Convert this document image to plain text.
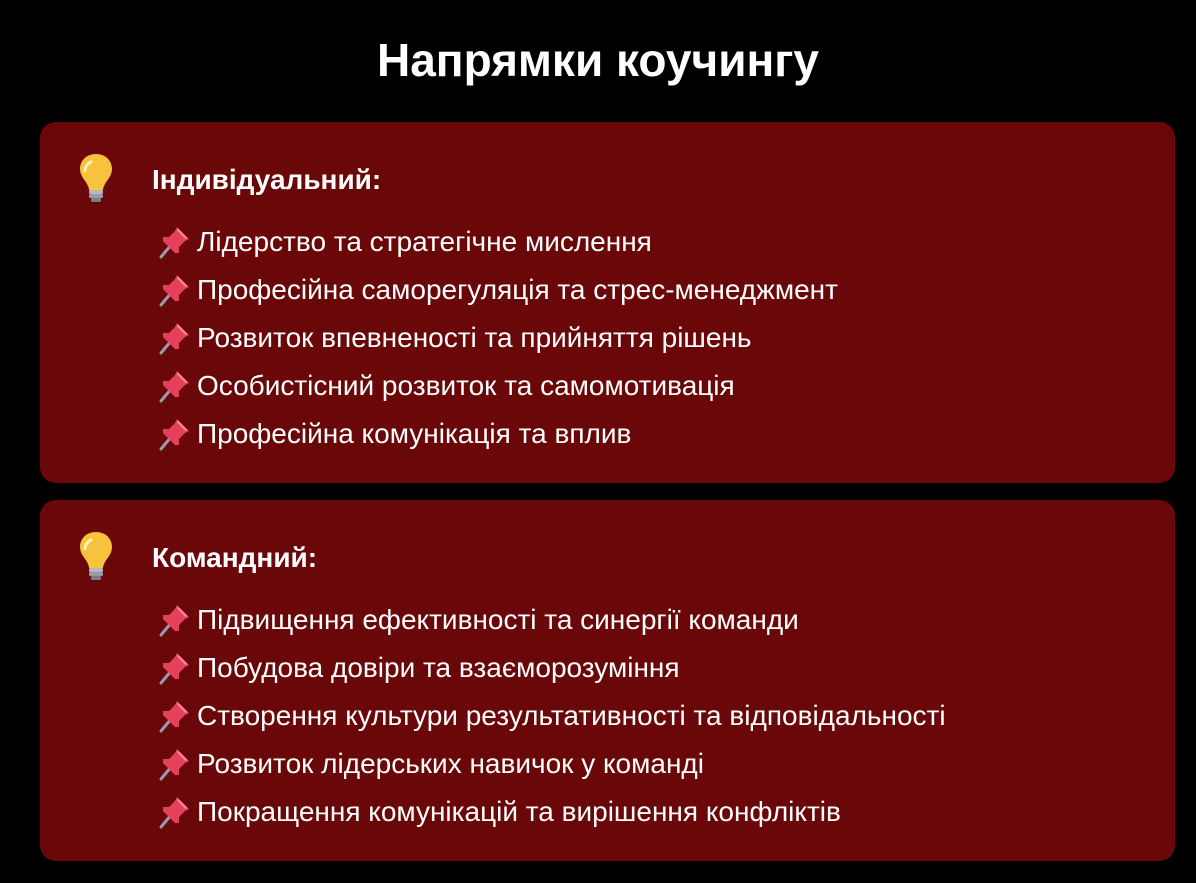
Напрямки коучингу
Індивідуальний:
Лідерство та стратегічне мислення
Професійна саморегуляція та стрес-менеджмент
Розвиток впевненості та прийняття рішень
Особистісний розвиток та самомотивація
Професійна комунікація та вплив
Командний:
Підвищення ефективності та синергії команди
Побудова довіри та взаєморозуміння
Створення культури результативності та відповідальності
Розвиток лідерських навичок у команді
Покращення комунікацій та вирішення конфліктів
